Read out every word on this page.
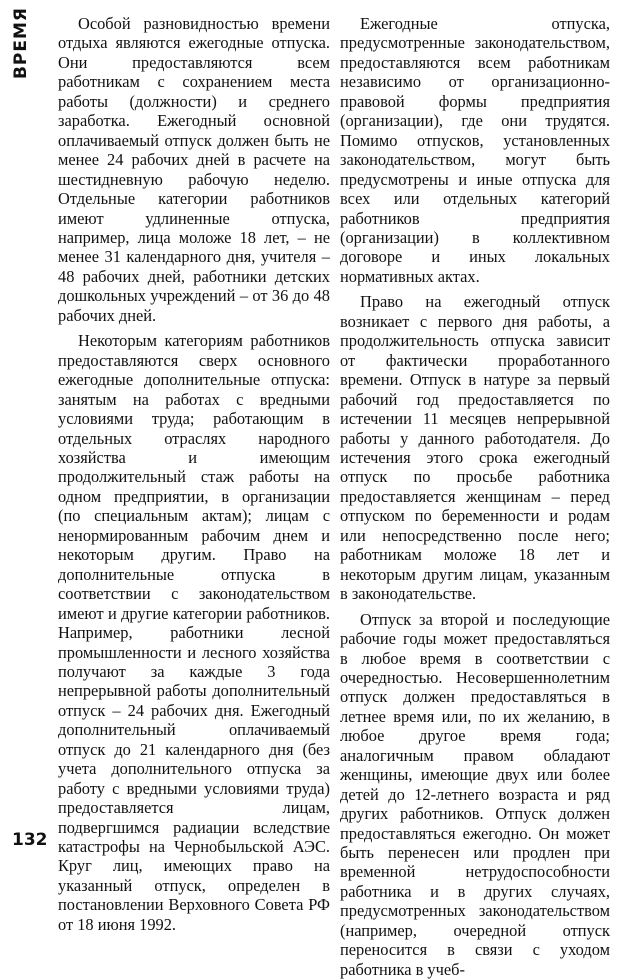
ВРЕМЯ	Особой разновидностью времени отдыха являются ежегодные отпуска. Они предоставляются всем работникам с сохранением места работы (должности) и среднего заработка. Ежегодный основной оплачиваемый отпуск должен быть не менее 24 рабочих дней в расчете на шестидневную рабочую неделю. Отдельные категории работников имеют удлиненные отпуска, например, лица моложе 18 лет, – не менее 31 календарного дня, учителя – 48 рабочих дней, работники детских дошкольных учреждений – от 36 до 48 рабочих дней.

Некоторым категориям работников предоставляются сверх основного ежегодные дополнительные отпуска: занятым на работах с вредными условиями труда; работающим в отдельных отраслях народного хозяйства и имеющим продолжительный стаж работы на одном предприятии, в организации (по специальным актам); лицам с ненормированным рабочим днем и некоторым другим. Право на дополнительные отпуска в соответствии с законодательством имеют и другие категории работников. Например, работники лесной промышленности и лесного хозяйства получают за каждые 3 года непрерывной работы дополнительный отпуск – 24 рабочих дня. Ежегодный дополнительный оплачиваемый отпуск до 21 календарного дня (без учета дополнительного отпуска за работу с вредными условиями труда) предоставляется лицам, подвергшимся радиации вследствие катастрофы на Чернобыльской АЭС. Круг лиц, имеющих право на указанный отпуск, определен в постановлении Верховного Совета РФ от 18 июня 1992.

Ежегодные отпуска, предусмотренные законодательством, предоставляются всем работникам независимо от организационно-правовой формы предприятия (организации), где они трудятся. Помимо отпусков, установленных законодательством, могут быть предусмотрены и иные отпуска для всех или отдельных категорий работников предприятия (организации) в коллективном договоре и иных локальных нормативных актах.

Право на ежегодный отпуск возникает с первого дня работы, а продолжительность отпуска зависит от фактически проработанного времени. Отпуск в натуре за первый рабочий год предоставляется по истечении 11 месяцев непрерывной работы у данного работодателя. До истечения этого срока ежегодный отпуск по просьбе работника предоставляется женщинам – перед отпуском по беременности и родам или непосредственно после него; работникам моложе 18 лет и некоторым другим лицам, указанным в законодательстве.

Отпуск за второй и последующие рабочие годы может предоставляться в любое время в соответствии с очередностью. Несовершеннолетним отпуск должен предоставляться в летнее время или, по их желанию, в любое другое время года; аналогичным правом обладают женщины, имеющие двух или более детей до 12-летнего возраста и ряд других работников. Отпуск должен предоставляться ежегодно. Он может быть перенесен или продлен при временной нетрудоспособности работника и в других случаях, предусмотренных законодательством (например, очередной отпуск переносится в связи с уходом работника в учеб-

132
